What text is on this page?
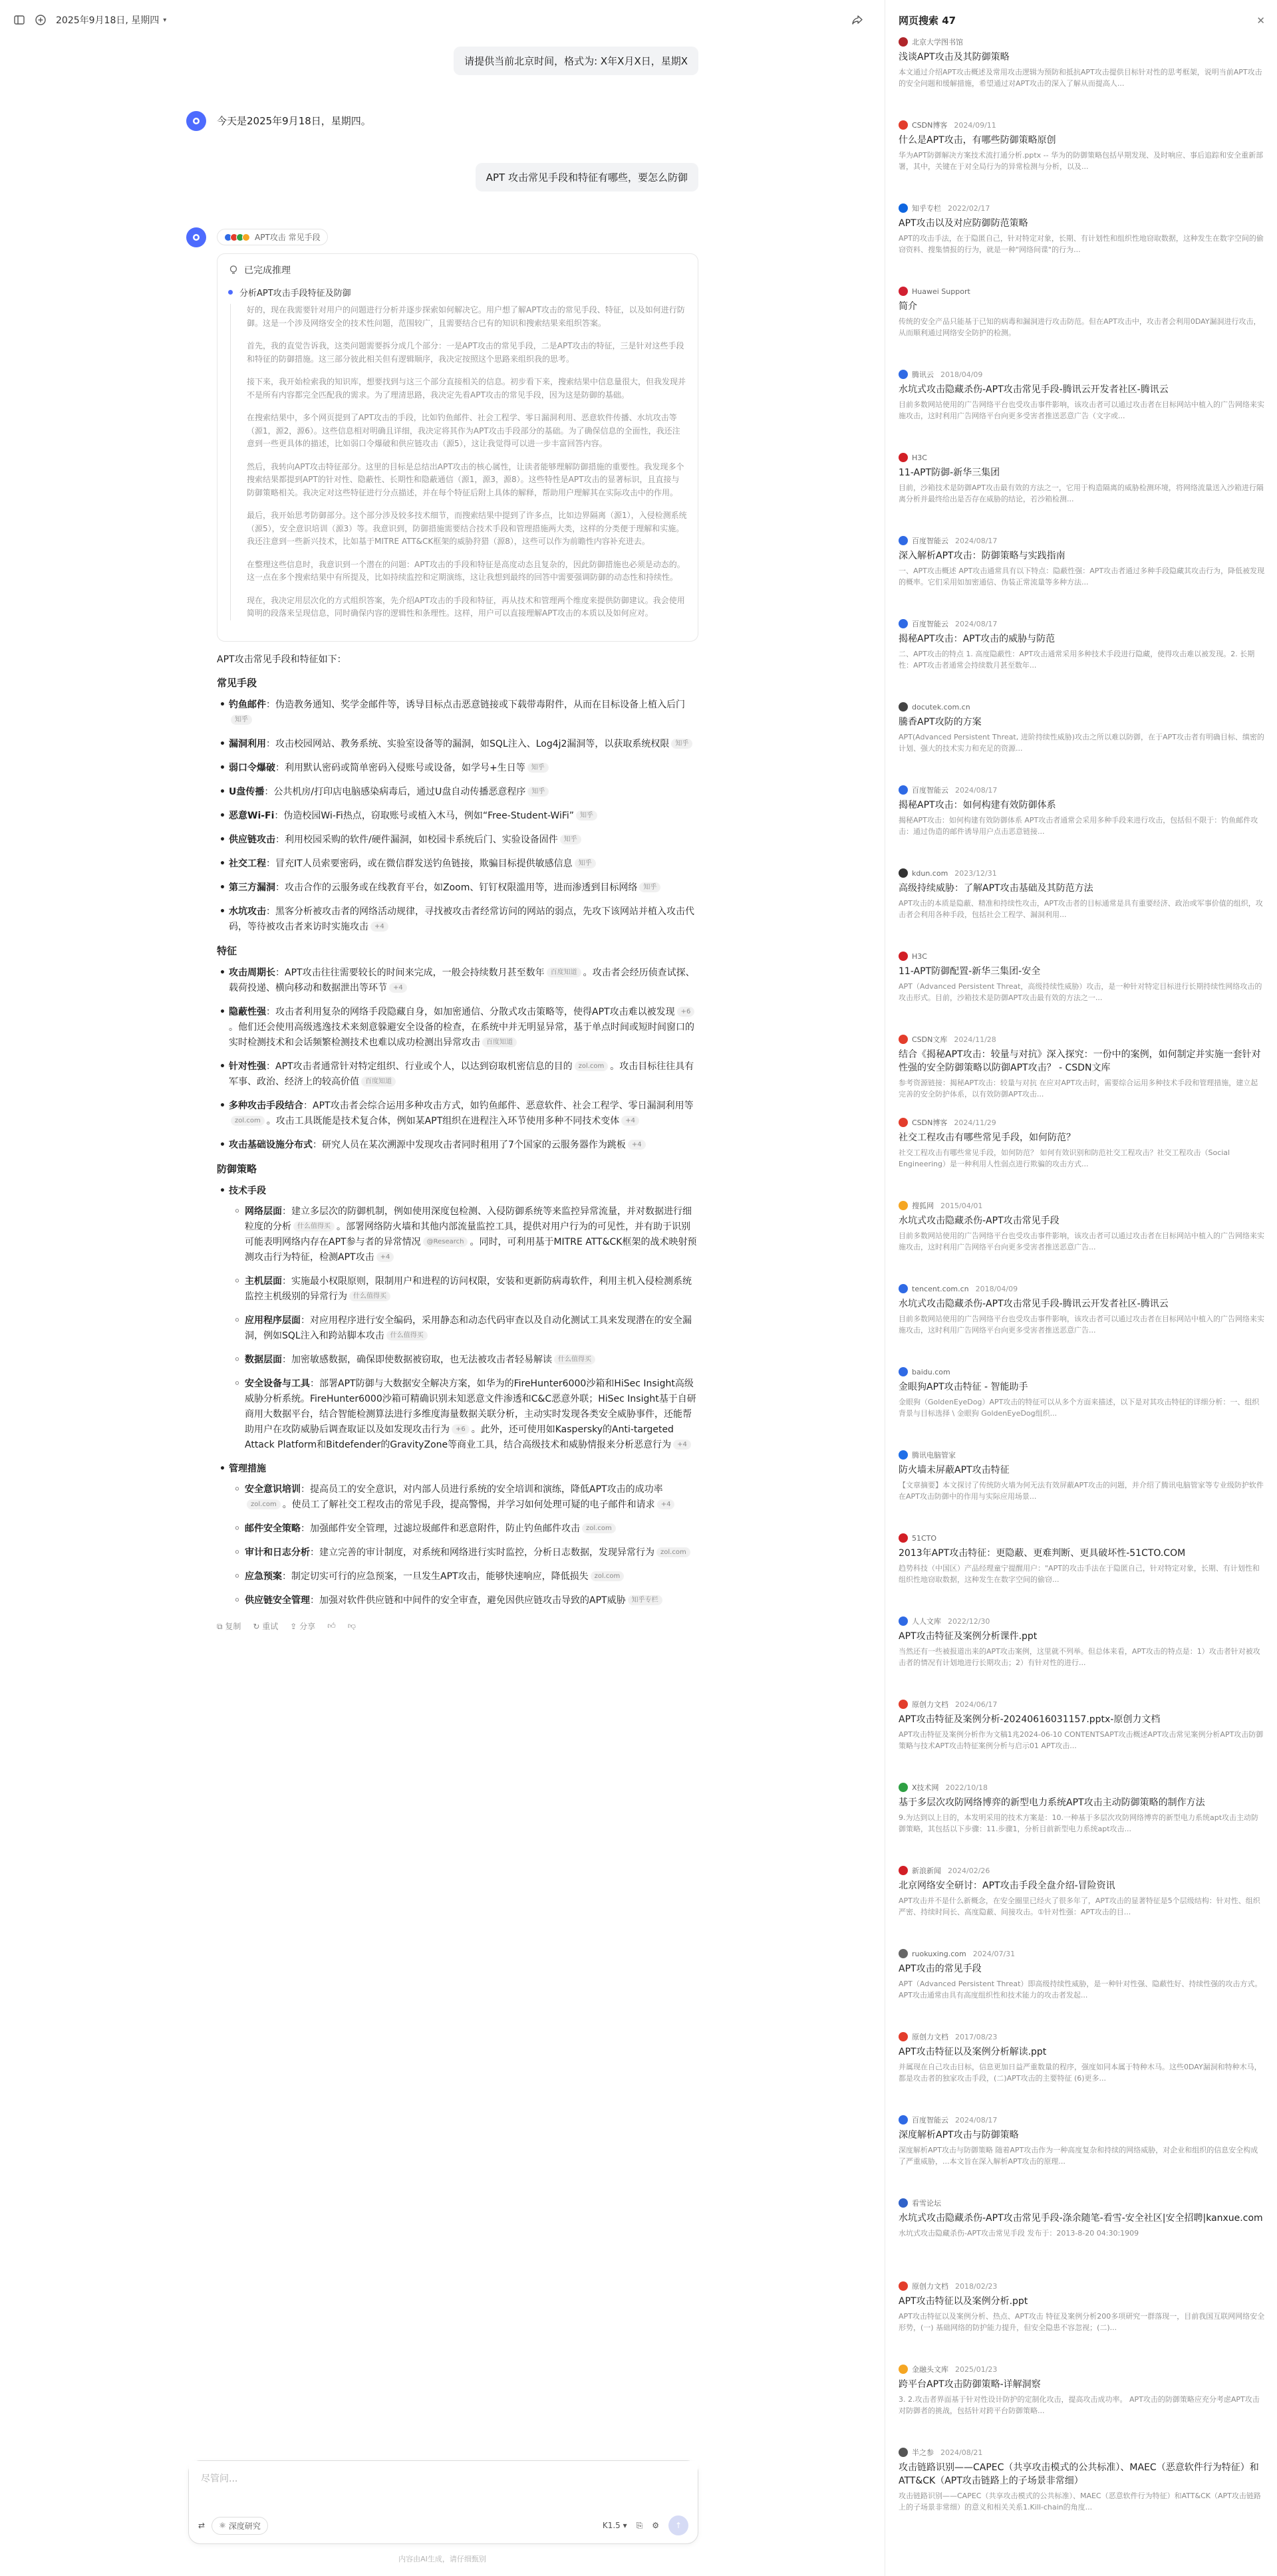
2025年9月18日, 星期四 ▾
请提供当前北京时间，格式为: X年X月X日，星期X
今天是2025年9月18日，星期四。
APT 攻击常见手段和特征有哪些，要怎么防御
APT攻击 常见手段
已完成推理
分析APT攻击手段特征及防御

好的，现在我需要针对用户的问题进行分析并逐步探索如何解决它。用户想了解APT攻击的常见手段、特征，以及如何进行防御。这是一个涉及网络安全的技术性问题，范围较广，且需要结合已有的知识和搜索结果来组织答案。

首先，我的直觉告诉我，这类问题需要拆分成几个部分：一是APT攻击的常见手段，二是APT攻击的特征，三是针对这些手段和特征的防御措施。这三部分彼此相关但有逻辑顺序，我决定按照这个思路来组织我的思考。

接下来，我开始检索我的知识库，想要找到与这三个部分直接相关的信息。初步看下来，搜索结果中信息量很大，但我发现并不是所有内容都完全匹配我的需求。为了理清思路，我决定先看APT攻击的常见手段，因为这是防御的基础。

在搜索结果中，多个网页提到了APT攻击的手段，比如钓鱼邮件、社会工程学、零日漏洞利用、恶意软件传播、水坑攻击等（源1，源2，源6）。这些信息相对明确且详细，我决定将其作为APT攻击手段部分的基础。为了确保信息的全面性，我还注意到一些更具体的描述，比如弱口令爆破和供应链攻击（源5），这让我觉得可以进一步丰富回答内容。

然后，我转向APT攻击特征部分。这里的目标是总结出APT攻击的核心属性，让读者能够理解防御措施的重要性。我发现多个搜索结果都提到APT的针对性、隐蔽性、长期性和隐蔽通信（源1，源3，源8）。这些特性是APT攻击的显著标识，且直接与防御策略相关。我决定对这些特征进行分点描述，并在每个特征后附上具体的解释，帮助用户理解其在实际攻击中的作用。

最后，我开始思考防御部分。这个部分涉及较多技术细节，而搜索结果中提到了许多点，比如边界隔离（源1），入侵检测系统（源5），安全意识培训（源3）等。我意识到，防御措施需要结合技术手段和管理措施两大类，这样的分类便于理解和实施。我还注意到一些新兴技术，比如基于MITRE ATT&CK框架的威胁狩猎（源8），这些可以作为前瞻性内容补充进去。

在整理这些信息时，我意识到一个潜在的问题：APT攻击的手段和特征是高度动态且复杂的，因此防御措施也必须是动态的。这一点在多个搜索结果中有所提及，比如持续监控和定期演练，这让我想到最终的回答中需要强调防御的动态性和持续性。

现在，我决定用层次化的方式组织答案，先介绍APT攻击的手段和特征，再从技术和管理两个维度来提供防御建议。我会使用简明的段落来呈现信息，同时确保内容的逻辑性和条理性。这样，用户可以直接理解APT攻击的本质以及如何应对。

APT攻击常见手段和特征如下：
常见手段
• 钓鱼邮件：伪造教务通知、奖学金邮件等，诱导目标点击恶意链接或下载带毒附件，从而在目标设备上植入后门知乎
• 漏洞利用：攻击校园网站、教务系统、实验室设备等的漏洞，如SQL注入、Log4j2漏洞等，以获取系统权限 知乎
• 弱口令爆破：利用默认密码或简单密码入侵账号或设备，如学号+生日等 知乎
• U盘传播：公共机房/打印店电脑感染病毒后，通过U盘自动传播恶意程序 知乎
• 恶意Wi-Fi：伪造校园Wi-Fi热点，窃取账号或植入木马，例如“Free-Student-WiFi” 知乎
• 供应链攻击：利用校园采购的软件/硬件漏洞，如校园卡系统后门、实验设备固件 知乎
• 社交工程：冒充IT人员索要密码，或在微信群发送钓鱼链接，欺骗目标提供敏感信息 知乎
• 第三方漏洞：攻击合作的云服务或在线教育平台，如Zoom、钉钉权限滥用等，进而渗透到目标网络 知乎
• 水坑攻击：黑客分析被攻击者的网络活动规律，寻找被攻击者经常访问的网站的弱点，先攻下该网站并植入攻击代码，等待被攻击者来访时实施攻击 +4
特征
• 攻击周期长：APT攻击往往需要较长的时间来完成，一般会持续数月甚至数年 百度知道 。攻击者会经历侦查试探、载荷投递、横向移动和数据泄出等环节 +4
• 隐蔽性强：攻击者利用复杂的网络手段隐藏自身，如加密通信、分散式攻击策略等，使得APT攻击难以被发现 +6。他们还会使用高级逃逸技术来刻意躲避安全设备的检查，在系统中并无明显异常，基于单点时间或短时间窗口的实时检测技术和会话频繁检测技术也难以成功检测出异常攻击 百度知道
• 针对性强：APT攻击者通常针对特定组织、行业或个人，以达到窃取机密信息的目的 zol.com 。攻击目标往往具有军事、政治、经济上的较高价值 百度知道
• 多种攻击手段结合：APT攻击者会综合运用多种攻击方式，如钓鱼邮件、恶意软件、社会工程学、零日漏洞利用等zol.com 。攻击工具既能是技术复合体，例如某APT组织在进程注入环节使用多种不同技术变体 +4
• 攻击基础设施分布式：研究人员在某次溯源中发现攻击者同时租用了7个国家的云服务器作为跳板 +4
防御策略
• 技术手段
◦ 网络层面：建立多层次的防御机制，例如使用深度包检测、入侵防御系统等来监控异常流量，并对数据进行细粒度的分析 什么值得买 。部署网络防火墙和其他内部流量监控工具，提供对用户行为的可见性，并有助于识别可能表明网络内存在APT参与者的异常情况 @Research 。同时，可利用基于MITRE ATT&CK框架的战术映射预测攻击行为特征，检测APT攻击 +4
◦ 主机层面：实施最小权限原则，限制用户和进程的访问权限，安装和更新防病毒软件，利用主机入侵检测系统监控主机级别的异常行为 什么值得买
◦ 应用程序层面：对应用程序进行安全编码，采用静态和动态代码审查以及自动化测试工具来发现潜在的安全漏洞，例如SQL注入和跨站脚本攻击 什么值得买
◦ 数据层面：加密敏感数据，确保即使数据被窃取，也无法被攻击者轻易解读 什么值得买
◦ 安全设备与工具：部署APT防御与大数据安全解决方案，如华为的FireHunter6000沙箱和HiSec Insight高级威胁分析系统。FireHunter6000沙箱可精确识别未知恶意文件渗透和C&C恶意外联；HiSec Insight基于自研商用大数据平台，结合智能检测算法进行多维度海量数据关联分析，主动实时发现各类安全威胁事件，还能帮助用户在攻防威胁后调查取证以及如发现攻击行为 +6 。此外，还可使用如Kaspersky的Anti-targeted Attack Platform和Bitdefender的GravityZone等商业工具，结合高级技术和威胁情报来分析恶意行为 +4
• 管理措施
◦ 安全意识培训：提高员工的安全意识，对内部人员进行系统的安全培训和演练，降低APT攻击的成功率zol.com 。使员工了解社交工程攻击的常见手段，提高警惕，并学习如何处理可疑的电子邮件和请求 +4
◦ 邮件安全策略：加强邮件安全管理，过滤垃圾邮件和恶意附件，防止钓鱼邮件攻击 zol.com
◦ 审计和日志分析：建立完善的审计制度，对系统和网络进行实时监控，分析日志数据，发现异常行为 zol.com
◦ 应急预案：制定切实可行的应急预案，一旦发生APT攻击，能够快速响应，降低损失 zol.com
◦ 供应链安全管理：加强对软件供应链和中间件的安全审查，避免因供应链攻击导致的APT威胁 知乎专栏
⧉ 复制 ↻ 重试 ⇪ 分享 👍︎ 👎︎
尽管问...
⇄ ⚛ 深度研究	K1.5 ▾ ⎘ ⚙	↑
内容由AI生成，请仔细甄别
网页搜索 47	✕
北京大学图书馆
浅谈APT攻击及其防御策略
本文通过介绍APT攻击概述及常用攻击逻辑为预防和抵抗APT攻击提供目标针对性的思考框架，说明当前APT攻击的安全问题和缓解措施，希望通过对APT攻击的深入了解从而提高人...
CSDN博客 2024/09/11
什么是APT攻击，有哪些防御策略原创
华为APT防御解决方案技术流打通分析.pptx -- 华为的防御策略包括早期发现、及时响应、事后追踪和安全重新部署，其中，关键在于对全局行为的异常检测与分析，以及...
知乎专栏 2022/02/17
APT攻击以及对应防御防范策略
APT的攻击手法，在于隐匿自己，针对特定对象，长期、有计划性和组织性地窃取数据，这种发生在数字空间的偷窃资料、搜集情报的行为，就是一种"网络间谍"的行为...
Huawei Support
简介
传统的安全产品只能基于已知的病毒和漏洞进行攻击防范。但在APT攻击中，攻击者会利用0DAY漏洞进行攻击，从而顺利通过网络安全防护的检测。
腾讯云 2018/04/09
水坑式攻击隐藏杀伤-APT攻击常见手段-腾讯云开发者社区-腾讯云
目前多数网站使用的广告网络平台也受攻击事件影响，该攻击者可以通过攻击者在目标网站中植入的广告网络来实施攻击，这时利用广告网络平台向更多受害者推送恶意广告（文字或...
H3C
11-APT防御-新华三集团
目前，沙箱技术是防御APT攻击最有效的方法之一，它用于构造隔离的威胁检测环境，将网络流量送入沙箱进行隔离分析并最终给出是否存在威胁的结论，若沙箱检测...
百度智能云 2024/08/17
深入解析APT攻击：防御策略与实践指南
一、APT攻击概述 APT攻击通常具有以下特点：隐蔽性强：APT攻击者通过多种手段隐藏其攻击行为，降低被发现的概率。它们采用如加密通信、伪装正常流量等多种方法...
百度智能云 2024/08/17
揭秘APT攻击：APT攻击的威胁与防范
二、APT攻击的特点 1. 高度隐蔽性：APT攻击通常采用多种技术手段进行隐藏，使得攻击难以被发现。2. 长期性：APT攻击者通常会持续数月甚至数年...
docutek.com.cn
騰香APT攻防的方案
APT(Advanced Persistent Threat, 进阶持续性威胁)攻击之所以难以防御，在于APT攻击者有明确目标、缜密的计划、强大的技术实力和充足的资源...
百度智能云 2024/08/17
揭秘APT攻击：如何构建有效防御体系
揭秘APT攻击：如何构建有效防御体系 APT攻击者通常会采用多种手段来进行攻击，包括但不限于：钓鱼邮件攻击：通过伪造的邮件诱导用户点击恶意链接...
kdun.com 2023/12/31
高级持续威胁：了解APT攻击基础及其防范方法
APT攻击的本质是隐蔽、精准和持续性攻击，APT攻击者的目标通常是具有重要经济、政治或军事价值的组织，攻击者会利用各种手段，包括社会工程学、漏洞利用...
H3C
11-APT防御配置-新华三集团-安全
APT（Advanced Persistent Threat，高级持续性威胁）攻击，是一种针对特定目标进行长期持续性网络攻击的攻击形式。目前，沙箱技术是防御APT攻击最有效的方法之一...
CSDN文库 2024/11/28
结合《揭秘APT攻击：较量与对抗》深入探究：一份中的案例，如何制定并实施一套针对性强的安全防御策略以防御APT攻击？ - CSDN文库
参考资源链接：揭秘APT攻击：较量与对抗 在应对APT攻击时，需要综合运用多种技术手段和管理措施，建立起完善的安全防护体系，以有效防御APT攻击...
CSDN博客 2024/11/29
社交工程攻击有哪些常见手段，如何防范？
社交工程攻击有哪些常见手段，如何防范？ 如何有效识别和防范社交工程攻击？社交工程攻击（Social Engineering）是一种利用人性弱点进行欺骗的攻击方式...
搜狐网 2015/04/01
水坑式攻击隐藏杀伤-APT攻击常见手段
目前多数网站使用的广告网络平台也受攻击事件影响，该攻击者可以通过攻击者在目标网站中植入的广告网络来实施攻击，这时利用广告网络平台向更多受害者推送恶意广告...
tencent.com.cn 2018/04/09
水坑式攻击隐藏杀伤-APT攻击常见手段-腾讯云开发者社区-腾讯云
目前多数网站使用的广告网络平台也受攻击事件影响，该攻击者可以通过攻击者在目标网站中植入的广告网络来实施攻击，这时利用广告网络平台向更多受害者推送恶意广告...
baidu.com
金眼狗APT攻击特征 - 智能助手
金眼狗（GoldenEyeDog）APT攻击的特征可以从多个方面来描述，以下是对其攻击特征的详细分析：一、组织背景与目标选择 \ 金眼狗 GoldenEyeDog组织...
腾讯电脑管家
防火墙未屏蔽APT攻击特征
【文章摘要】本文探讨了传统防火墙为何无法有效屏蔽APT攻击的问题，并介绍了腾讯电脑管家等专业级防护软件在APT攻击防御中的作用与实际应用场景...
51CTO
2013年APT攻击特征：更隐蔽、更难判断、更具破坏性-51CTO.COM
趋势科技（中国区）产品经理童宁提醒用户："APT的攻击手法在于隐匿自己，针对特定对象，长期、有计划性和组织性地窃取数据，这种发生在数字空间的偷窃...
人人文库 2022/12/30
APT攻击特征及案例分析课件.ppt
当然还有一些被报道出来的APT攻击案例，这里就不列举。但总体来看，APT攻击的特点是：1）攻击者针对被攻击者的情况有计划地进行长期攻击；2）有针对性的进行...
原创力文档 2024/06/17
APT攻击特征及案例分析-20240616031157.pptx-原创力文档
APT攻击特征及案例分析作为文稿1兆2024-06-10 CONTENTSAPT攻击概述APT攻击常见案例分析APT攻击防御策略与技术APT攻击特征案例分析与启示01 APT攻击...
X技术网 2022/10/18
基于多层次攻防网络博弈的新型电力系统APT攻击主动防御策略的制作方法
9.为达到以上目的，本发明采用的技术方案是：10.一种基于多层次攻防网络博弈的新型电力系统apt攻击主动防御策略，其包括以下步骤：11.步骤1，分析目前新型电力系统apt攻击...
新浪新闻 2024/02/26
北京网络安全研讨：APT攻击手段全盘介绍-冒险资讯
APT攻击并不是什么新概念，在安全圈里已经火了很多年了，APT攻击的显著特征是5个层级结构：针对性、组织严密、持续时间长、高度隐蔽、间接攻击。①针对性强：APT攻击的目...
ruokuxing.com 2024/07/31
APT攻击的常见手段
APT（Advanced Persistent Threat）即高级持续性威胁，是一种针对性强、隐蔽性好、持续性强的攻击方式。APT攻击通常由具有高度组织性和技术能力的攻击者发起...
原创力文档 2017/08/23
APT攻击特征以及案例分析解读.ppt
并属现在自己攻击目标，信息更加日益严重数量的程序，强度如同本属于特种木马。这些0DAY漏洞和特种木马，都是攻击者的独家攻击手段，(二)APT攻击的主要特征 (6)更多...
百度智能云 2024/08/17
深度解析APT攻击与防御策略
深度解析APT攻击与防御策略 随着APT攻击作为一种高度复杂和持续的网络威胁，对企业和组织的信息安全构成了严重威胁，...本文旨在深入解析APT攻击的原理...
看雪论坛
水坑式攻击隐藏杀伤-APT攻击常见手段-涤余随笔-看雪-安全社区|安全招聘|kanxue.com
水坑式攻击隐藏杀伤-APT攻击常见手段 发布于：2013-8-20 04:30:1909
原创力文档 2018/02/23
APT攻击特征以及案例分析.ppt
APT攻击特征以及案例分析、热点、APT攻击 特征及案例分析200多项研究一群落现一，目前我国互联网网络安全形势，(一) 基础网络的防护能力提升，但安全隐患不容忽视；(二)...
金融头文库 2025/01/23
跨平台APT攻击防御策略-详解洞察
3. 2.攻击者界面基于针对性设计防护的定制化攻击，提高攻击成功率。 APT攻击的防御策略应充分考虑APT攻击对防御者的挑战，包括针对跨平台防御策略...
半之参 2024/08/21
攻击链路识别——CAPEC（共享攻击模式的公共标准）、MAEC（恶意软件行为特征）和ATT&CK（APT攻击链路上的子场景非常细）
攻击链路识别——CAPEC（共享攻击模式的公共标准）、MAEC（恶意软件行为特征）和ATT&CK（APT攻击链路上的子场景非常细）的意义和相关关系1.Kill-chain的角度...
